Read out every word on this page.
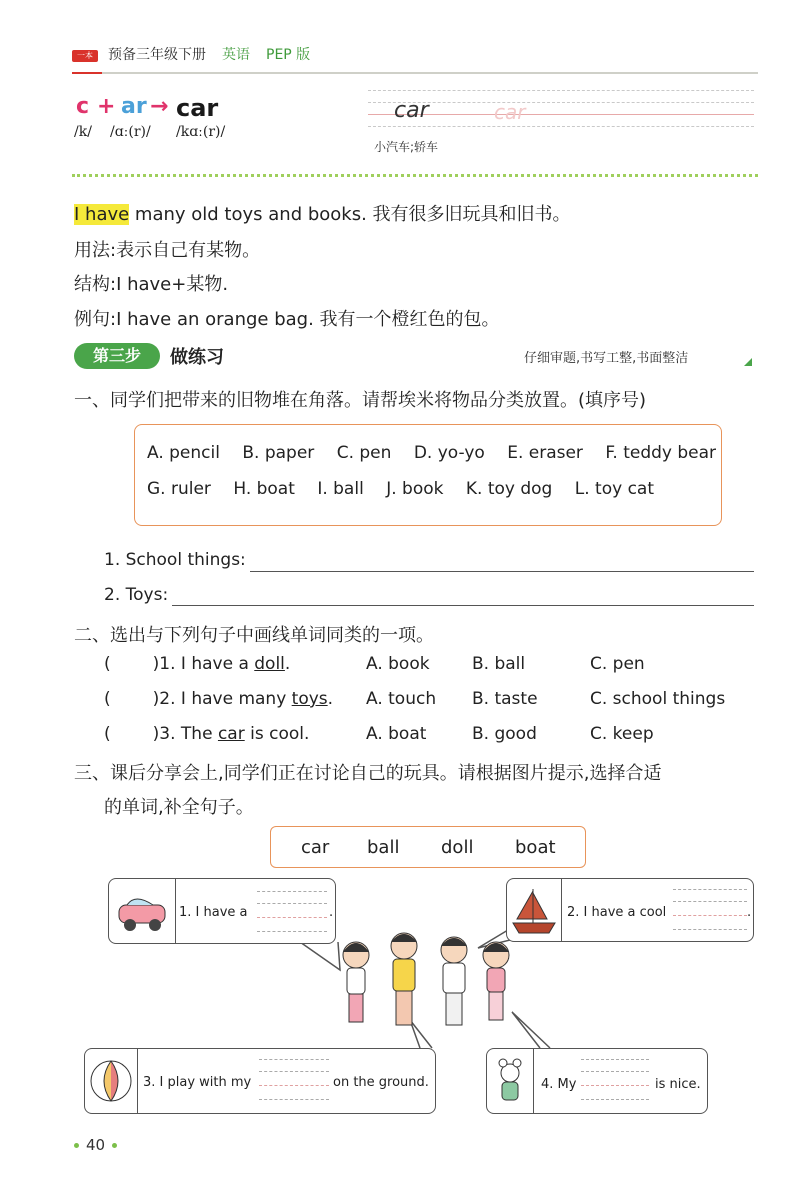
一本	预备三年级下册 英语 PEP 版
c + ar → car
/k/ /ɑː(r)/ /kɑː(r)/
car	car
小汽车;轿车
I have many old toys and books. 我有很多旧玩具和旧书。
用法:表示自己有某物。
结构:I have+某物.
例句:I have an orange bag. 我有一个橙红色的包。
第三步	做练习	仔细审题,书写工整,书面整洁
一、同学们把带来的旧物堆在角落。请帮埃米将物品分类放置。(填序号)
A. pencil B. paper C. pen D. yo-yo E. eraser F. teddy bear
G. ruler H. boat I. ball J. book K. toy dog L. toy cat
1. School things:
2. Toys:
二、选出与下列句子中画线单词同类的一项。
( )1. I have a doll.	A. book B. ball	C. pen
( )2. I have many toys. A. touch B. taste	C. school things
( )3. The car is cool.	A. boat	B. good	C. keep
三、课后分享会上,同学们正在讨论自己的玩具。请根据图片提示,选择合适
的单词,补全句子。
car ball doll boat
1. I have a	.	2. I have a cool	.
3. I play with my	on the ground.	4. My	is nice.
40
